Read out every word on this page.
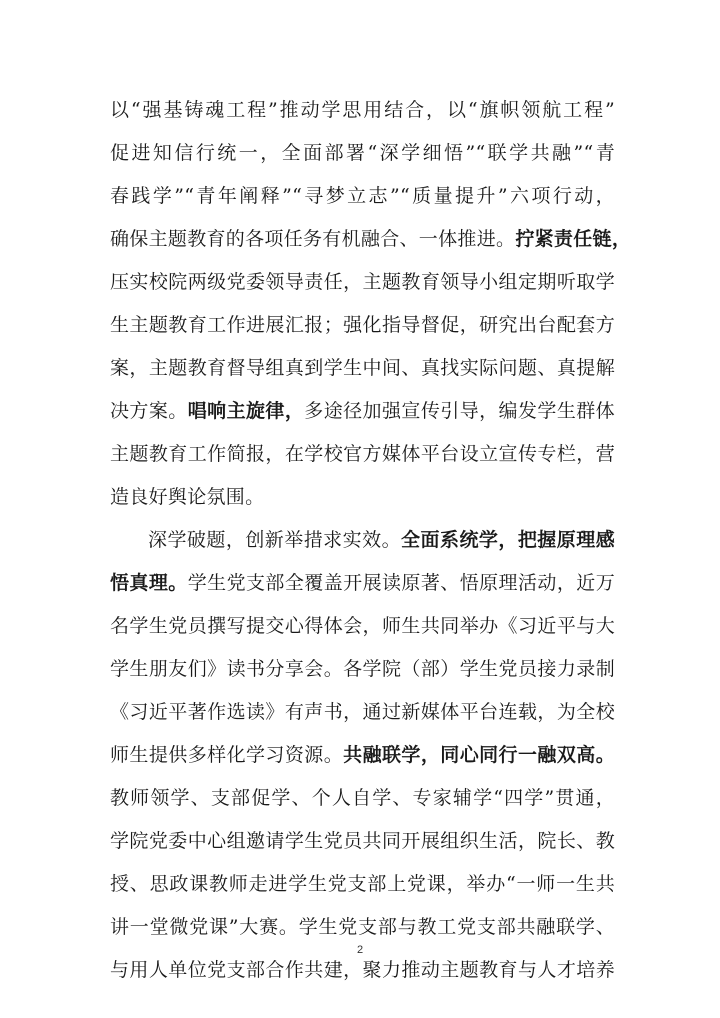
以“强基铸魂工程”推动学思用结合，以“旗帜领航工程”
促进知信行统一，全面部署“深学细悟”“联学共融”“青
春践学”“青年阐释”“寻梦立志”“质量提升”六项行动，
确保主题教育的各项任务有机融合、一体推进。拧紧责任链，
压实校院两级党委领导责任，主题教育领导小组定期听取学
生主题教育工作进展汇报；强化指导督促，研究出台配套方
案，主题教育督导组真到学生中间、真找实际问题、真提解
决方案。唱响主旋律，多途径加强宣传引导，编发学生群体
主题教育工作简报，在学校官方媒体平台设立宣传专栏，营
造良好舆论氛围。
深学破题，创新举措求实效。全面系统学，把握原理感
悟真理。学生党支部全覆盖开展读原著、悟原理活动，近万
名学生党员撰写提交心得体会，师生共同举办《习近平与大
学生朋友们》读书分享会。各学院（部）学生党员接力录制
《习近平著作选读》有声书，通过新媒体平台连载，为全校
师生提供多样化学习资源。共融联学，同心同行一融双高。
教师领学、支部促学、个人自学、专家辅学“四学”贯通，
学院党委中心组邀请学生党员共同开展组织生活，院长、教
授、思政课教师走进学生党支部上党课，举办“一师一生共
讲一堂微党课”大赛。学生党支部与教工党支部共融联学、
与用人单位党支部合作共建，聚力推动主题教育与人才培养
2
